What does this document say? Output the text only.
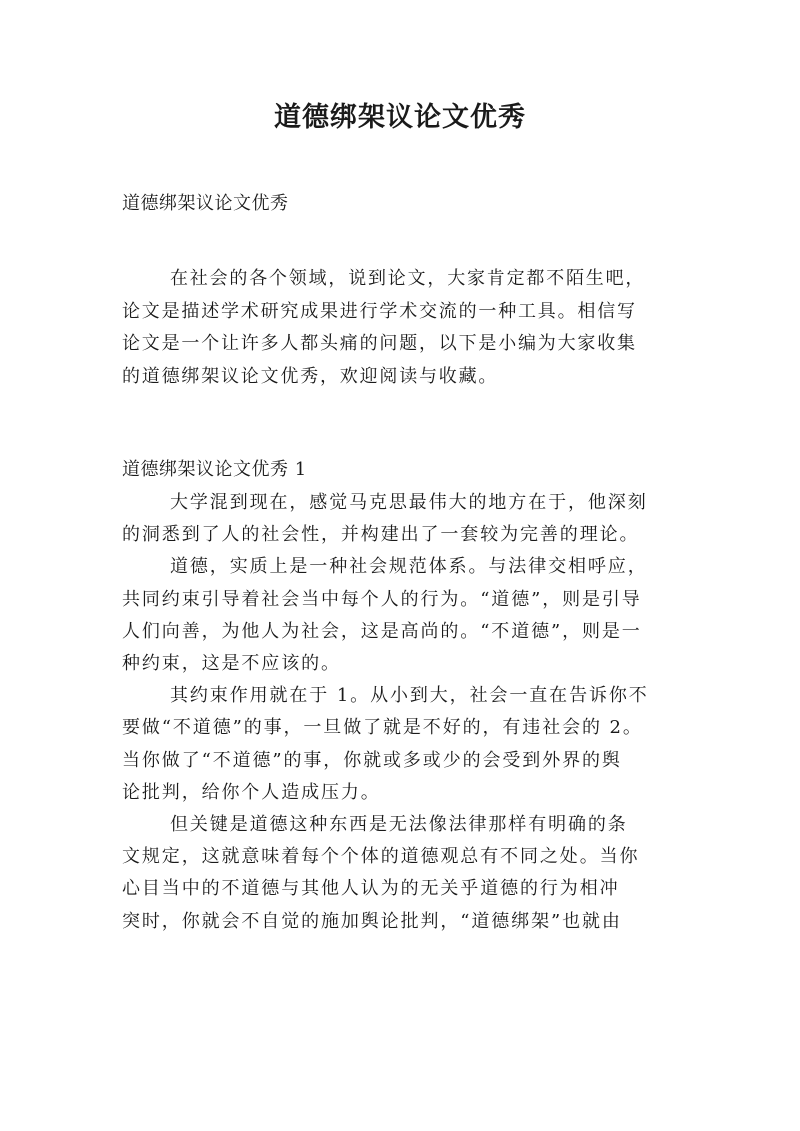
道德绑架议论文优秀
道德绑架议论文优秀
在社会的各个领域，说到论文，大家肯定都不陌生吧，
论文是描述学术研究成果进行学术交流的一种工具。相信写
论文是一个让许多人都头痛的问题，以下是小编为大家收集
的道德绑架议论文优秀，欢迎阅读与收藏。
道德绑架议论文优秀 1
大学混到现在，感觉马克思最伟大的地方在于，他深刻
的洞悉到了人的社会性，并构建出了一套较为完善的理论。
道德，实质上是一种社会规范体系。与法律交相呼应，
共同约束引导着社会当中每个人的行为。“道德”，则是引导
人们向善，为他人为社会，这是高尚的。“不道德”，则是一
种约束，这是不应该的。
其约束作用就在于 1。从小到大，社会一直在告诉你不
要做“不道德”的事，一旦做了就是不好的，有违社会的 2。
当你做了“不道德”的事，你就或多或少的会受到外界的舆
论批判，给你个人造成压力。
但关键是道德这种东西是无法像法律那样有明确的条
文规定，这就意味着每个个体的道德观总有不同之处。当你
心目当中的不道德与其他人认为的无关乎道德的行为相冲
突时，你就会不自觉的施加舆论批判，“道德绑架”也就由
